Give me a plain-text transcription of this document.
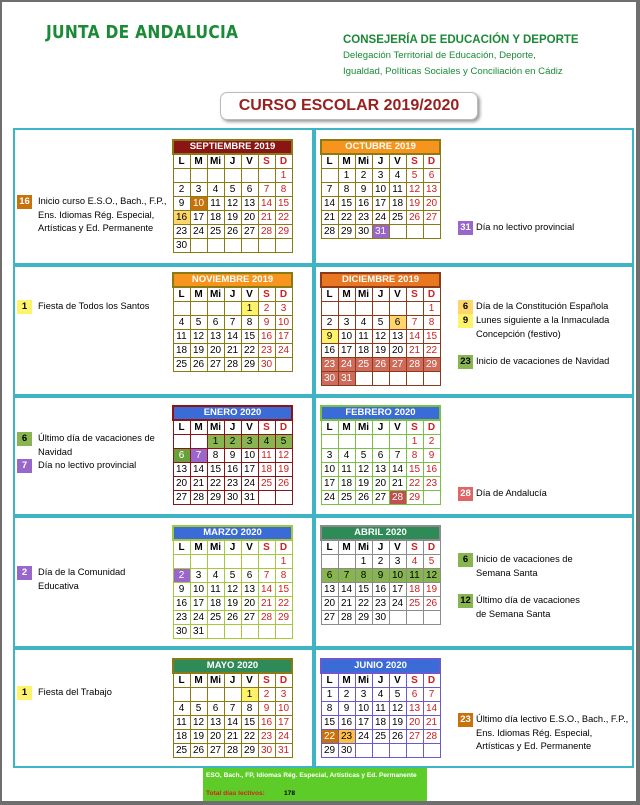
JUNTA DE ANDALUCIA	CONSEJERÍA DE EDUCACIÓN Y DEPORTE
Delegación Territorial de Educación, Deporte,
Igualdad, Políticas Sociales y Conciliación en Cádiz
CURSO ESCOLAR 2019/2020
SEPTIEMBRE 2019						
L	M	Mi	J	V	S	D
						1
2	3	4	5	6	7	8
9	10	11	12	13	14	15
16	17	18	19	20	21	22
23	24	25	26	27	28	29
30						
OCTUBRE 2019						
L	M	Mi	J	V	S	D
	1	2	3	4	5	6
7	8	9	10	11	12	13
14	15	16	17	18	19	20
21	22	23	24	25	26	27
28	29	30	31			
NOVIEMBRE 2019						
L	M	Mi	J	V	S	D
				1	2	3
4	5	6	7	8	9	10
11	12	13	14	15	16	17
18	19	20	21	22	23	24
25	26	27	28	29	30	
DICIEMBRE 2019						
L	M	Mi	J	V	S	D
						1
2	3	4	5	6	7	8
9	10	11	12	13	14	15
16	17	18	19	20	21	22
23	24	25	26	27	28	29
30	31					
ENERO 2020						
L	M	Mi	J	V	S	D
		1	2	3	4	5
6	7	8	9	10	11	12
13	14	15	16	17	18	19
20	21	22	23	24	25	26
27	28	29	30	31		
FEBRERO 2020						
L	M	Mi	J	V	S	D
					1	2
3	4	5	6	7	8	9
10	11	12	13	14	15	16
17	18	19	20	21	22	23
24	25	26	27	28	29	
MARZO 2020						
L	M	Mi	J	V	S	D
						1
2	3	4	5	6	7	8
9	10	11	12	13	14	15
16	17	18	19	20	21	22
23	24	25	26	27	28	29
30	31					
ABRIL 2020						
L	M	Mi	J	V	S	D
		1	2	3	4	5
6	7	8	9	10	11	12
13	14	15	16	17	18	19
20	21	22	23	24	25	26
27	28	29	30			
MAYO 2020						
L	M	Mi	J	V	S	D
				1	2	3
4	5	6	7	8	9	10
11	12	13	14	15	16	17
18	19	20	21	22	23	24
25	26	27	28	29	30	31
JUNIO 2020						
L	M	Mi	J	V	S	D
1	2	3	4	5	6	7
8	9	10	11	12	13	14
15	16	17	18	19	20	21
22	23	24	25	26	27	28
29	30					
16 Inicio curso E.S.O., Bach., F.P., Ens. Idiomas Rég. Especial, Artísticas y Ed. Permanente	31 Día no lectivo provincial
1	Fiesta de Todos los Santos	6 Día de la Constitución Española
9 Lunes siguiente a la Inmaculada Concepción (festivo)
23 Inicio de vacaciones de Navidad
6	Último día de vacaciones de Navidad
7	Día no lectivo provincial
28 Día de Andalucía
2	Día de la Comunidad Educativa
6 Inicio de vacaciones de Semana Santa
12 Último día de vacaciones de Semana Santa
1	Fiesta del Trabajo
23 Último día lectivo E.S.O., Bach., F.P., Ens. Idiomas Rég. Especial, Artísticas y Ed. Permanente
ESO, Bach., FP, Idiomas Rég. Especial, Artísticas y Ed. Permanente
Total días lectivos:	178
